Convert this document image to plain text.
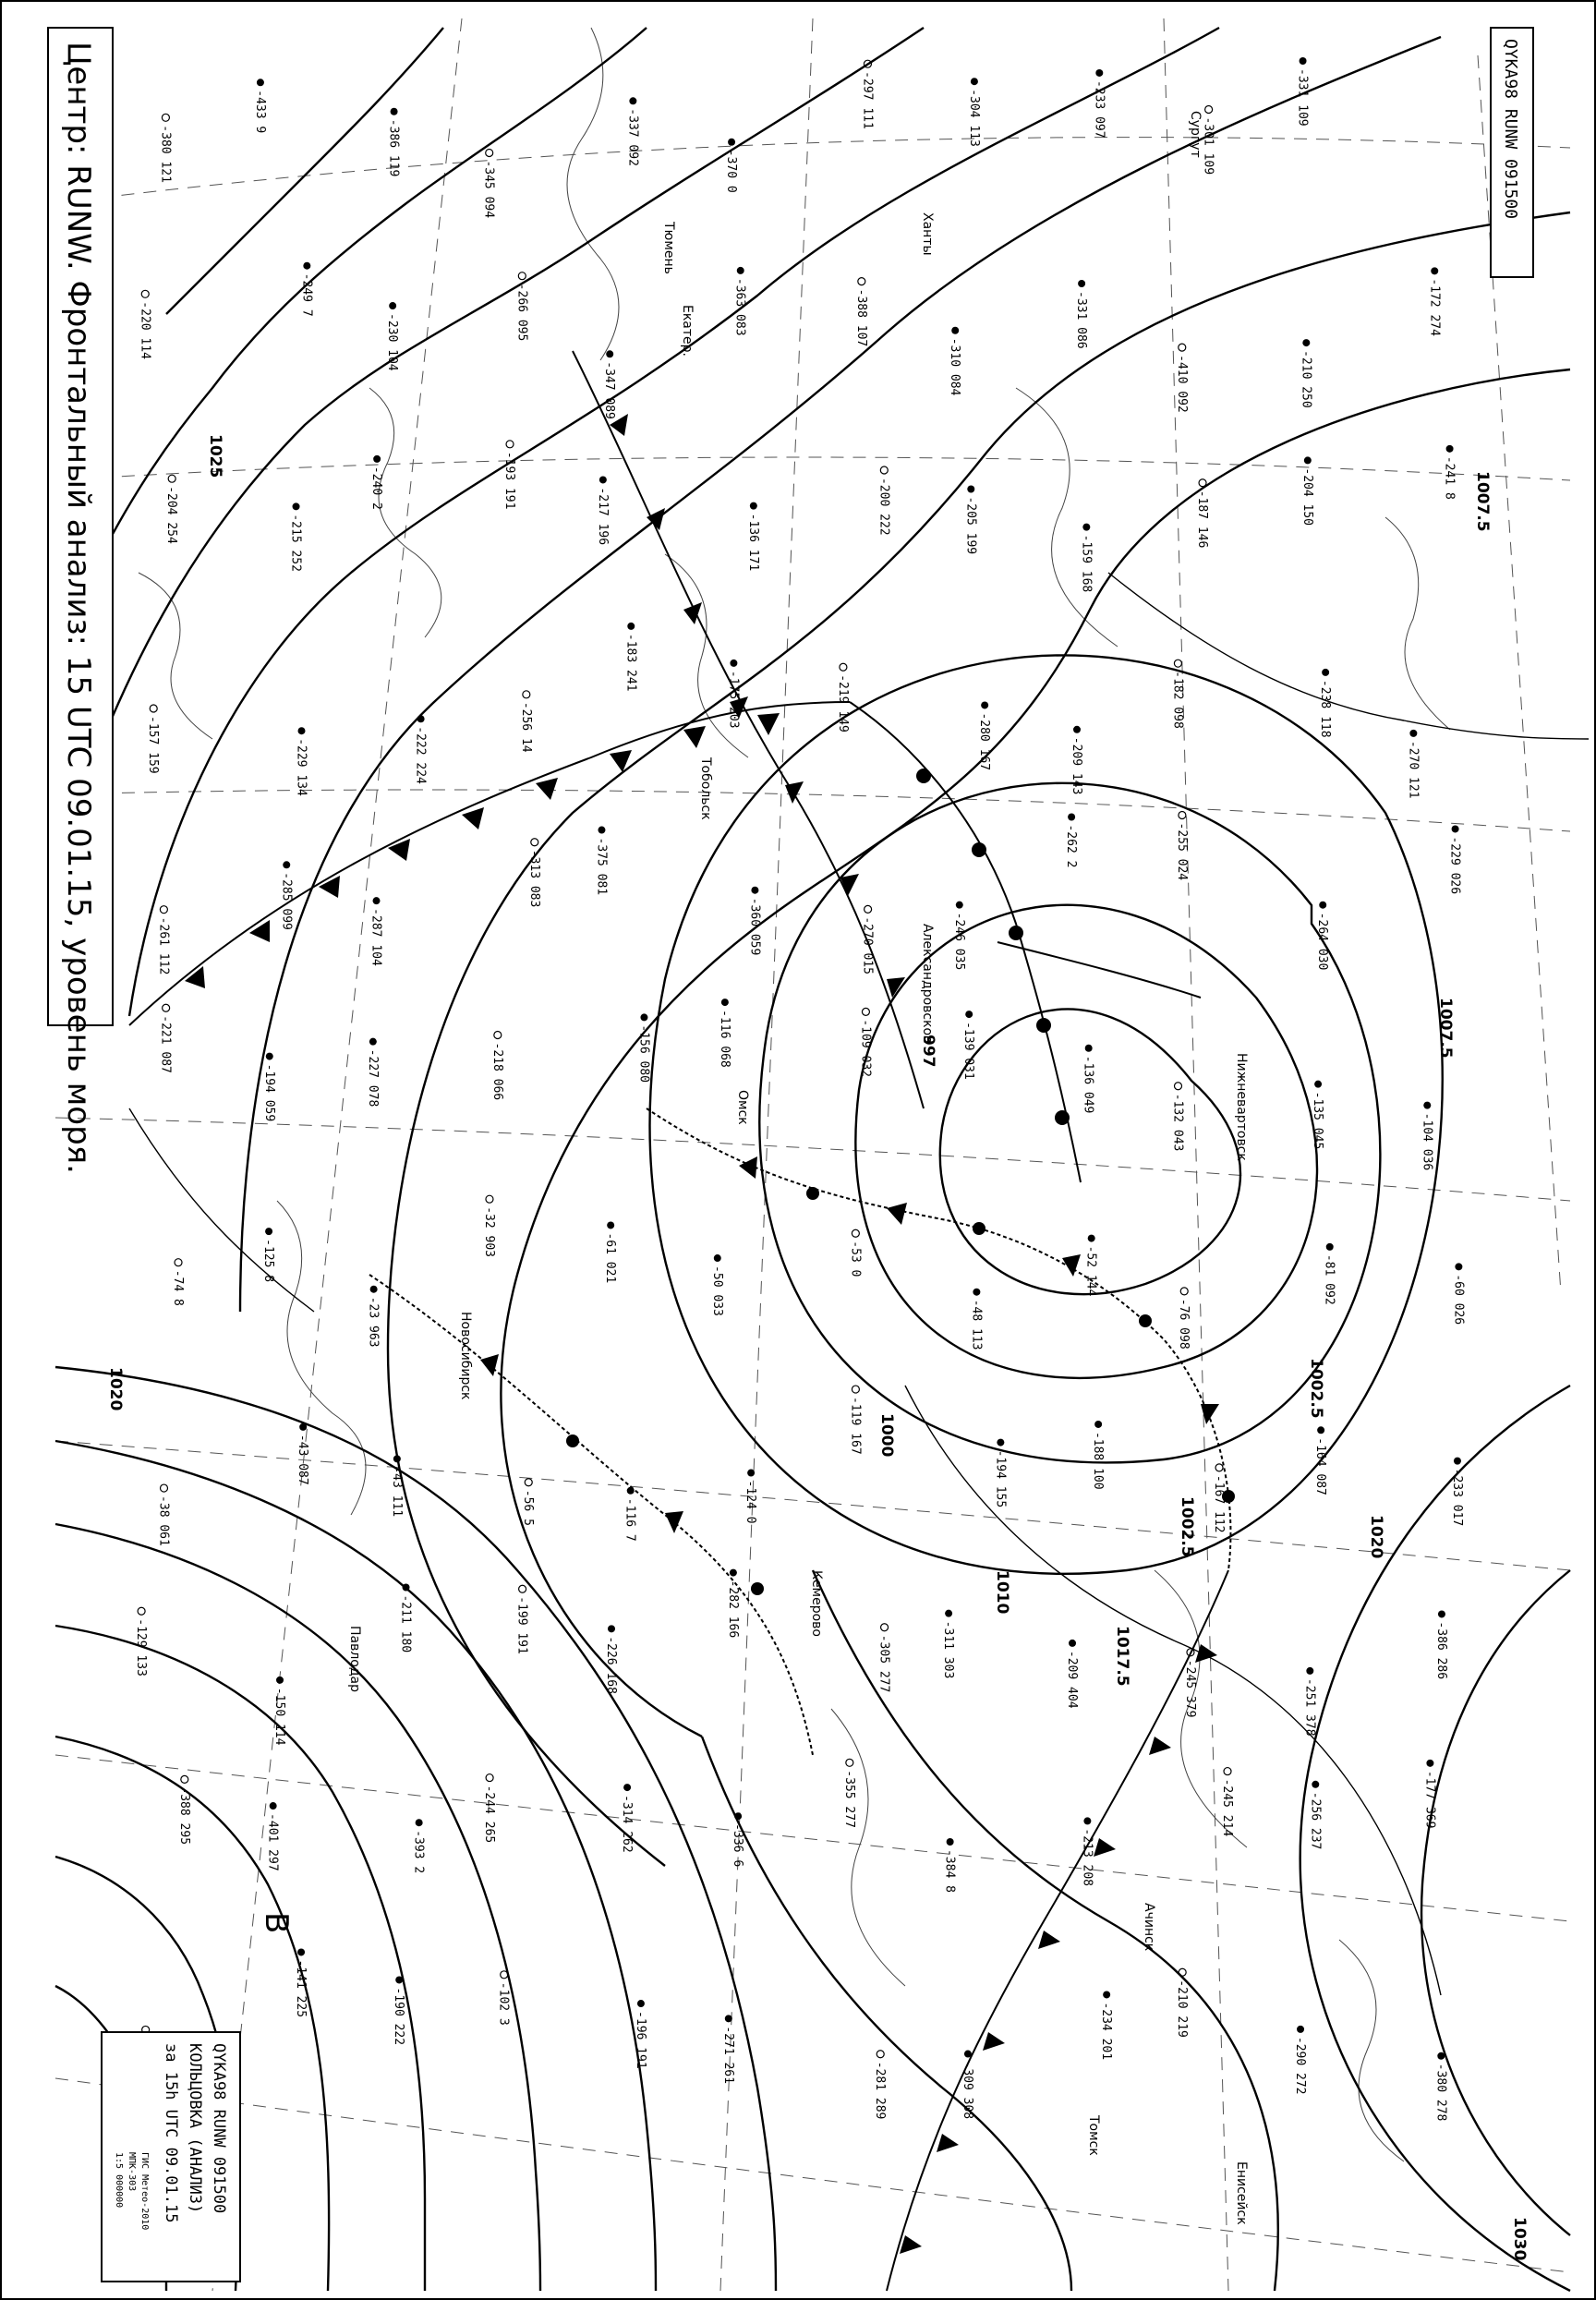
-380 121
-433 9
-386 119
-345 094
-337 092
-370 0
-297 111	-304 113	-233 097
-301 109
-331 109
-220 114
-249 7
-230 104
-266 095
-347 089
-363 083	-388 107
-310 084
-331 086
-410 092	-210 250
-172 274
-204 254	-215 252
-240 2	-193 191
-217 196	-136 171
-200 222	-205 199
-159 168
-187 146	-204 150	-241 8
-157 159	-229 134	-222 224	-256 14
-183 241
-175 203	-219 149
-280 167	-209 143
-182 098	-238 118
-270 121
-261 112
-285 099
-287 104
-313 083	-375 081
-360 059	-270 015	-246 035
-262 2	-255 024
-264 030
-229 026
-221 087
-194 059	-227 078	-218 066	-156 080	-116 068	-109 032	-139 031
-136 049
-132 043	-135 045	-104 036
-74 8
-125 8
-23 963
-32 903
-61 021
-50 033
-53 0
-48 113
-52 144
-76 098
-81 092	-60 026
-38 061
-43 087
-43 111	-56 5	-116 7	-124 0
-119 167
-194 155	-188 100
-167 112
-164 087
-233 017
-129 133
-150 114
-211 180	-199 191
-226 168
-282 166
-305 277	-311 303
-209 404	-245 379	-251 378
-386 286
-388 295	-401 297	-393 2
-244 265	-314 262	-336 6
-355 277
-384 8	-213 208
-245 214	-256 237	-177 369
-141 225	-190 222	-102 3
-196 191	-271 261
-281 289	-309 308
-234 201	-210 219
-290 272	-380 278
Екатер.
Тюмень	Ханты
Сургут
Томск
Новосибирск
Омск
Павлодар
Кемерово
Александровское
Тобольск
Нижневартовск
Ачинск
Енисейск
1025
1007.5
1002.5
1000
1010
1020
1017.5
997
1030
1020
1007.5
1002.5
В
Центр: RUNW. Фронтальный анализ: 15 UTC 09.01.15, уровень моря.	QYKA98 RUNW 091500
QYKA98 RUNW 091500
КОЛЬЦОВКА (АНАЛИЗ)
за 15h UTC 09.01.15
ГИС Метео-2010
МПК-303
1:5 000000
